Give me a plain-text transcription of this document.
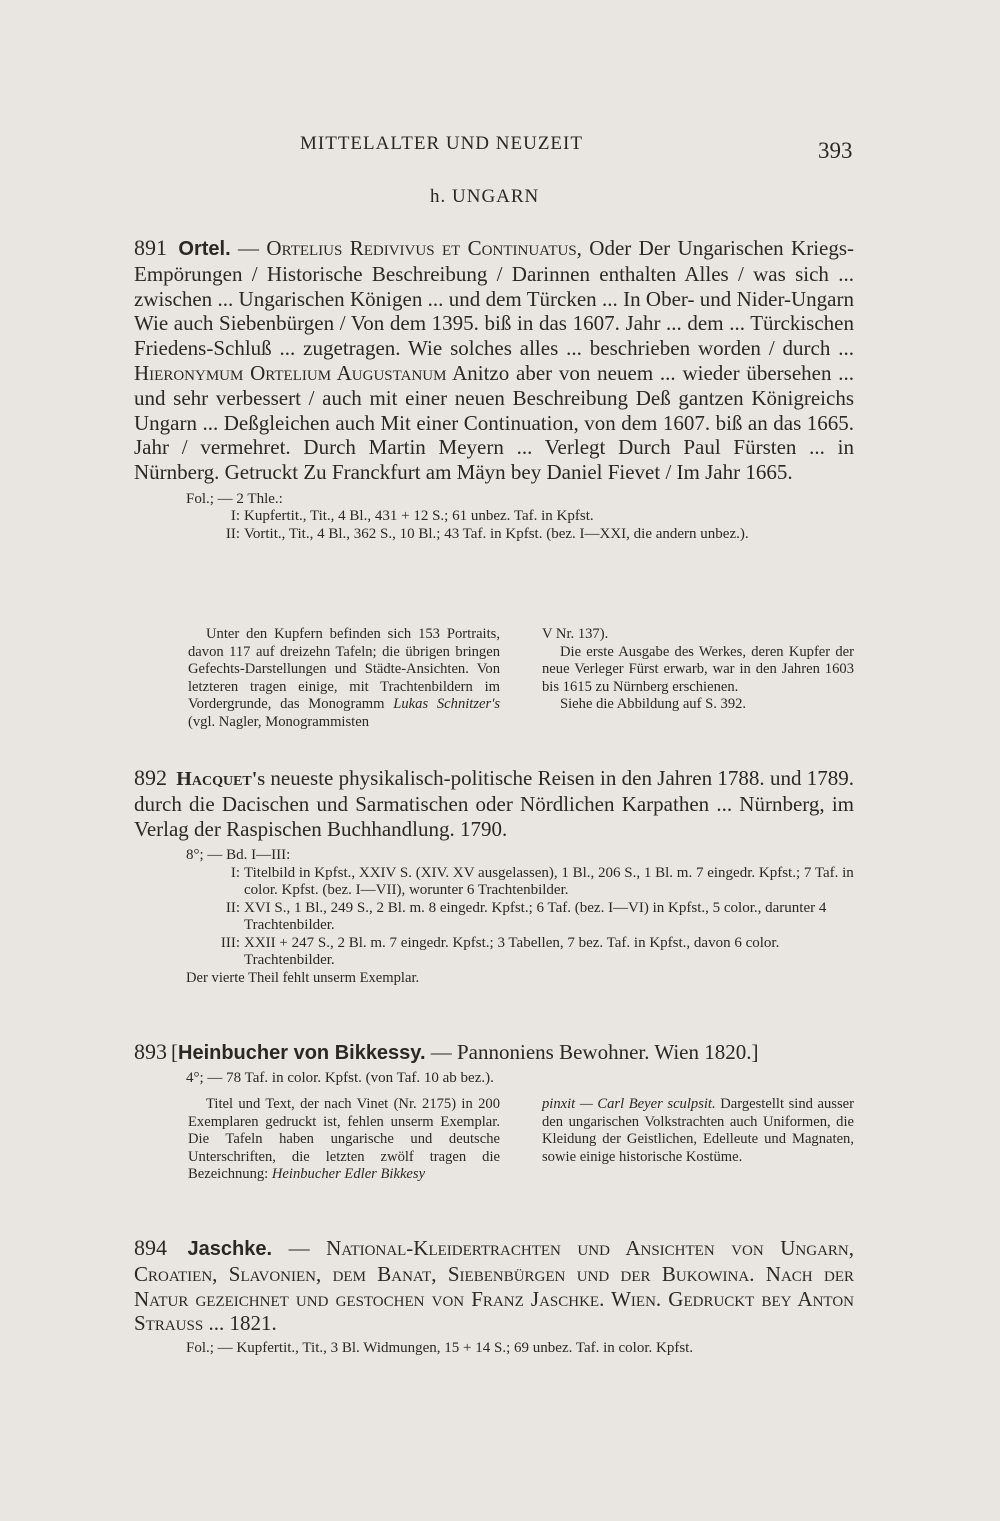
MITTELALTER UND NEUZEIT	393
h. UNGARN
891 Ortel. — Ortelius Redivivus et Continuatus, Oder Der Ungarischen Kriegs-Empörungen / Historische Beschreibung / Darinnen enthalten Alles / was sich ... zwischen ... Ungarischen Königen ... und dem Türcken ... In Ober- und Nider-Ungarn Wie auch Siebenbürgen / Von dem 1395. biß in das 1607. Jahr ... dem ... Türckischen Friedens-Schluß ... zugetragen. Wie solches alles ... beschrieben worden / durch ... Hieronymum Ortelium Augustanum Anitzo aber von neuem ... wieder übersehen ... und sehr verbessert / auch mit einer neuen Beschreibung Deß gantzen Königreichs Ungarn ... Deßgleichen auch Mit einer Continuation, von dem 1607. biß an das 1665. Jahr / vermehret. Durch Martin Meyern ... Verlegt Durch Paul Fürsten ... in Nürnberg. Getruckt Zu Franckfurt am Mäyn bey Daniel Fievet / Im Jahr 1665.
Fol.; — 2 Thle.:
I: Kupfertit., Tit., 4 Bl., 431 + 12 S.; 61 unbez. Taf. in Kpfst.
II: Vortit., Tit., 4 Bl., 362 S., 10 Bl.; 43 Taf. in Kpfst. (bez. I—XXI, die andern unbez.).

Unter den Kupfern befinden sich 153 Portraits, davon 117 auf dreizehn Tafeln; die übrigen bringen Gefechts-Darstellungen und Städte-Ansichten. Von letzteren tragen einige, mit Trachtenbildern im Vordergrunde, das Monogramm Lukas Schnitzer's (vgl. Nagler, Monogrammisten

V Nr. 137).

Die erste Ausgabe des Werkes, deren Kupfer der neue Verleger Fürst erwarb, war in den Jahren 1603 bis 1615 zu Nürnberg erschienen.

Siehe die Abbildung auf S. 392.

892 Hacquet's neueste physikalisch-politische Reisen in den Jahren 1788. und 1789. durch die Dacischen und Sarmatischen oder Nördlichen Karpathen ... Nürnberg, im Verlag der Raspischen Buchhandlung. 1790.
8°; — Bd. I—III:
I: Titelbild in Kpfst., XXIV S. (XIV. XV ausgelassen), 1 Bl., 206 S., 1 Bl. m. 7 eingedr. Kpfst.; 7 Taf. in color. Kpfst. (bez. I—VII), worunter 6 Trachtenbilder.
II: XVI S., 1 Bl., 249 S., 2 Bl. m. 8 eingedr. Kpfst.; 6 Taf. (bez. I—VI) in Kpfst., 5 color., darunter 4 Trachtenbilder.
III: XXII + 247 S., 2 Bl. m. 7 eingedr. Kpfst.; 3 Tabellen, 7 bez. Taf. in Kpfst., davon 6 color. Trachtenbilder.
Der vierte Theil fehlt unserm Exemplar.
893 [Heinbucher von Bikkessy. — Pannoniens Bewohner. Wien 1820.]
4°; — 78 Taf. in color. Kpfst. (von Taf. 10 ab bez.).

Titel und Text, der nach Vinet (Nr. 2175) in 200 Exemplaren gedruckt ist, fehlen unserm Exemplar. Die Tafeln haben ungarische und deutsche Unterschriften, die letzten zwölf tragen die Bezeichnung: Heinbucher Edler Bikkesy

pinxit — Carl Beyer sculpsit. Dargestellt sind ausser den ungarischen Volkstrachten auch Uniformen, die Kleidung der Geistlichen, Edelleute und Magnaten, sowie einige historische Kostüme.

894 Jaschke. — National-Kleidertrachten und Ansichten von Ungarn, Croatien, Slavonien, dem Banat, Siebenbürgen und der Bukowina. Nach der Natur gezeichnet und gestochen von Franz Jaschke. Wien. Gedruckt bey Anton Strauss ... 1821.
Fol.; — Kupfertit., Tit., 3 Bl. Widmungen, 15 + 14 S.; 69 unbez. Taf. in color. Kpfst.
